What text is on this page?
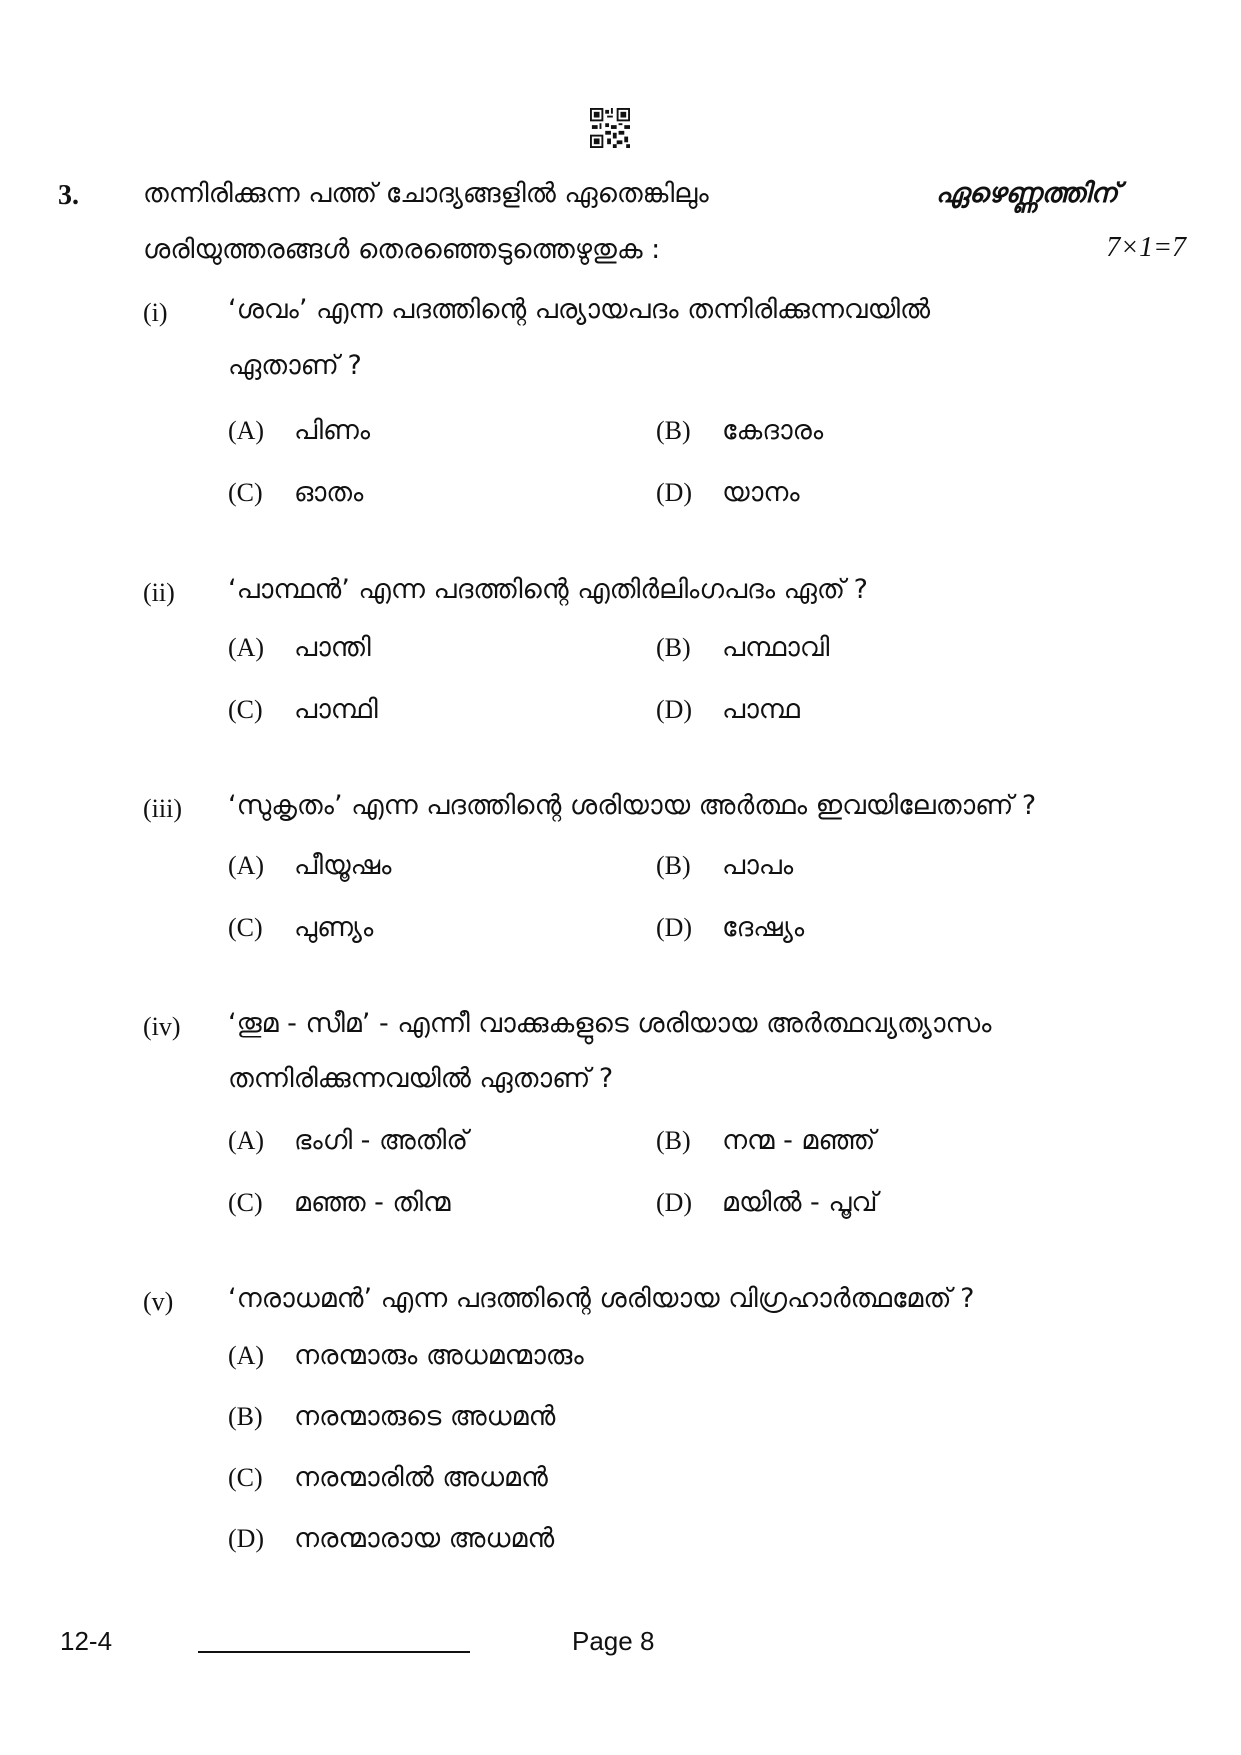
3. തന്നിരിക്കുന്ന പത്ത് ചോദ്യങ്ങളിൽ ഏതെങ്കിലും	ഏഴെണ്ണത്തിന്
ശരിയുത്തരങ്ങൾ തെരഞ്ഞെടുത്തെഴുതുക :	7×1=7
(i) ‘ശവം’ എന്ന പദത്തിന്റെ പര്യായപദം തന്നിരിക്കുന്നവയിൽ
ഏതാണ് ?
(A) പിണം	(B) കേദാരം
(C) ഓതം	(D) യാനം
(ii) ‘പാന്ഥൻ’ എന്ന പദത്തിന്റെ എതിർലിംഗപദം ഏത് ?
(A) പാന്തി	(B) പന്ഥാവി
(C) പാന്ഥി	(D) പാന്ഥ
(iii) ‘സുകൃതം’ എന്ന പദത്തിന്റെ ശരിയായ അർത്ഥം ഇവയിലേതാണ് ?
(A) പീയൂഷം	(B) പാപം
(C) പുണ്യം	(D) ദേഷ്യം
(iv) ‘തൂമ - സീമ’ - എന്നീ വാക്കുകളുടെ ശരിയായ അർത്ഥവ്യത്യാസം
തന്നിരിക്കുന്നവയിൽ ഏതാണ് ?
(A) ഭംഗി - അതിര്	(B) നന്മ - മഞ്ഞ്
(C) മഞ്ഞ - തിന്മ	(D) മയിൽ - പൂവ്
(v) ‘നരാധമൻ’ എന്ന പദത്തിന്റെ ശരിയായ വിഗ്രഹാർത്ഥമേത് ?
(A) നരന്മാരും അധമന്മാരും
(B) നരന്മാരുടെ അധമൻ
(C) നരന്മാരിൽ അധമൻ
(D) നരന്മാരായ അധമൻ
12-4	Page 8
